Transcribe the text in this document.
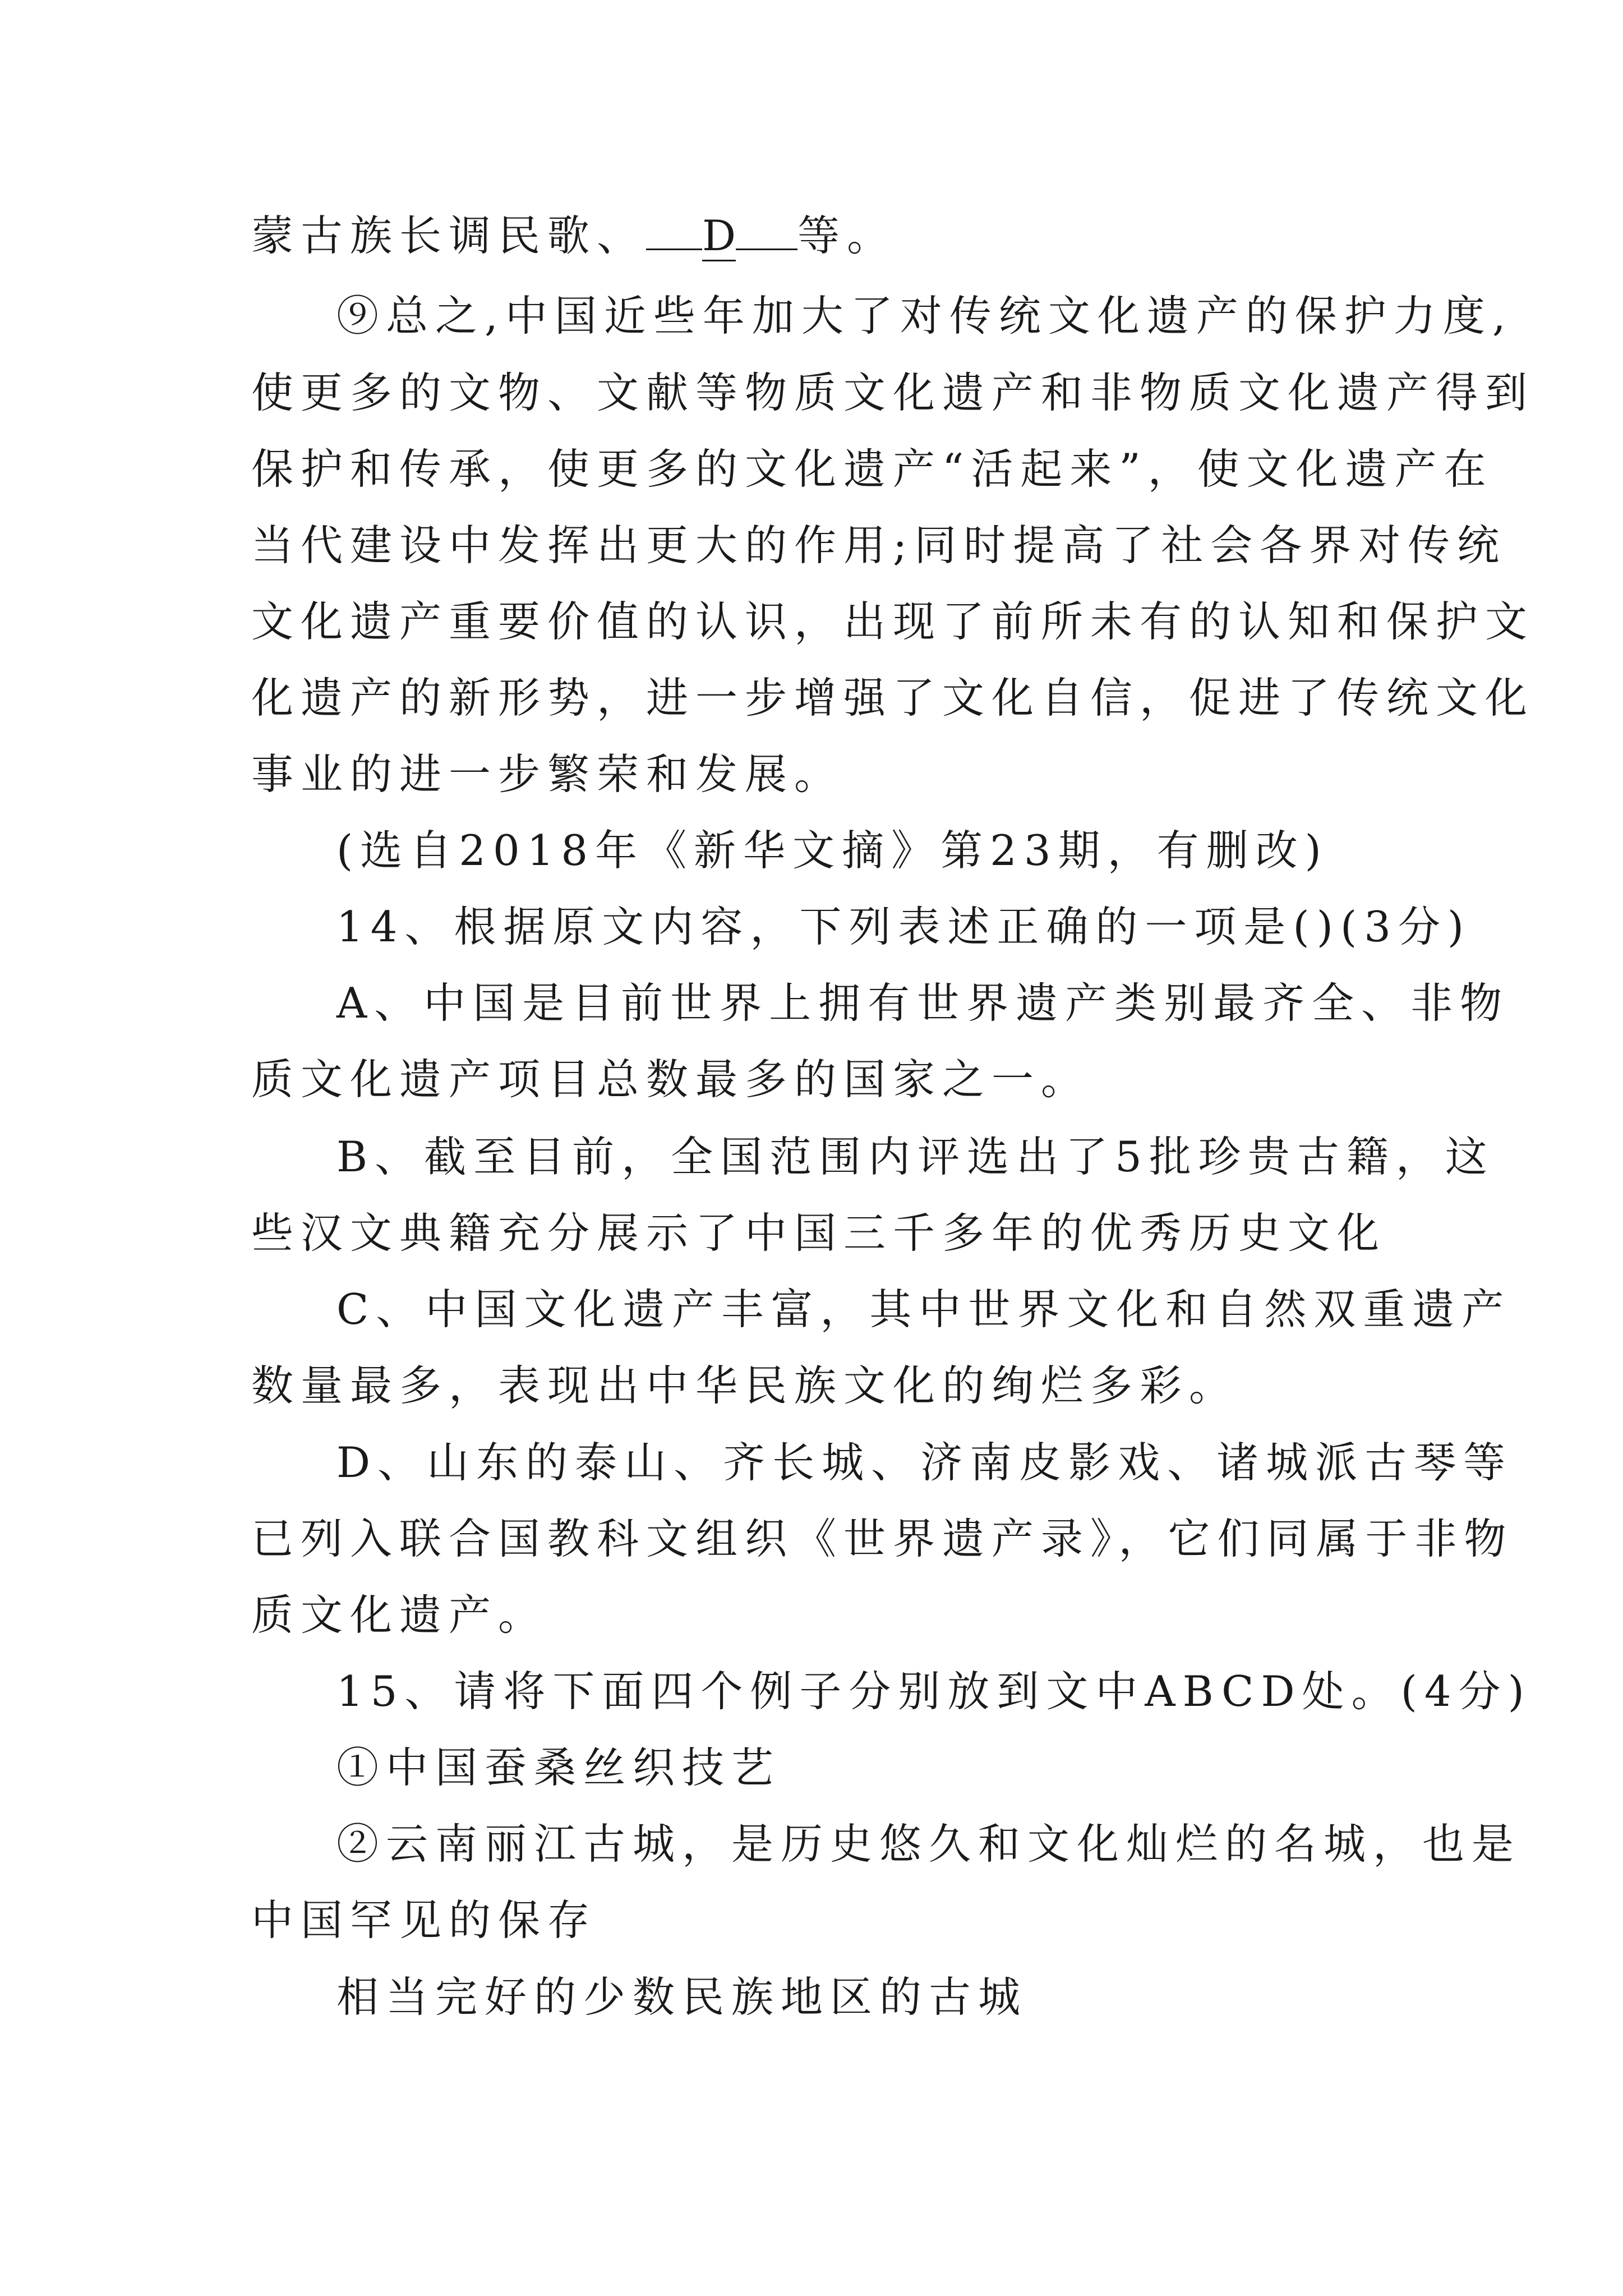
蒙古族长调民歌、 D 等。
⑨总之,中国近些年加大了对传统文化遗产的保护力度,
使更多的文物、文献等物质文化遗产和非物质文化遗产得到
保护和传承，使更多的文化遗产“活起来”，使文化遗产在
当代建设中发挥出更大的作用;同时提高了社会各界对传统
文化遗产重要价值的认识，出现了前所未有的认知和保护文
化遗产的新形势，进一步增强了文化自信，促进了传统文化
事业的进一步繁荣和发展。
(选自2018年《新华文摘》第23期，有删改)
14、根据原文内容，下列表述正确的一项是()(3分)
A、中国是目前世界上拥有世界遗产类别最齐全、非物
质文化遗产项目总数最多的国家之一。
B、截至目前，全国范围内评选出了5批珍贵古籍，这
些汉文典籍充分展示了中国三千多年的优秀历史文化
C、中国文化遗产丰富，其中世界文化和自然双重遗产
数量最多，表现出中华民族文化的绚烂多彩。
D、山东的泰山、齐长城、济南皮影戏、诸城派古琴等
已列入联合国教科文组织《世界遗产录》，它们同属于非物
质文化遗产。
15、请将下面四个例子分别放到文中ABCD处。(4分)
①中国蚕桑丝织技艺
②云南丽江古城，是历史悠久和文化灿烂的名城，也是
中国罕见的保存
相当完好的少数民族地区的古城
